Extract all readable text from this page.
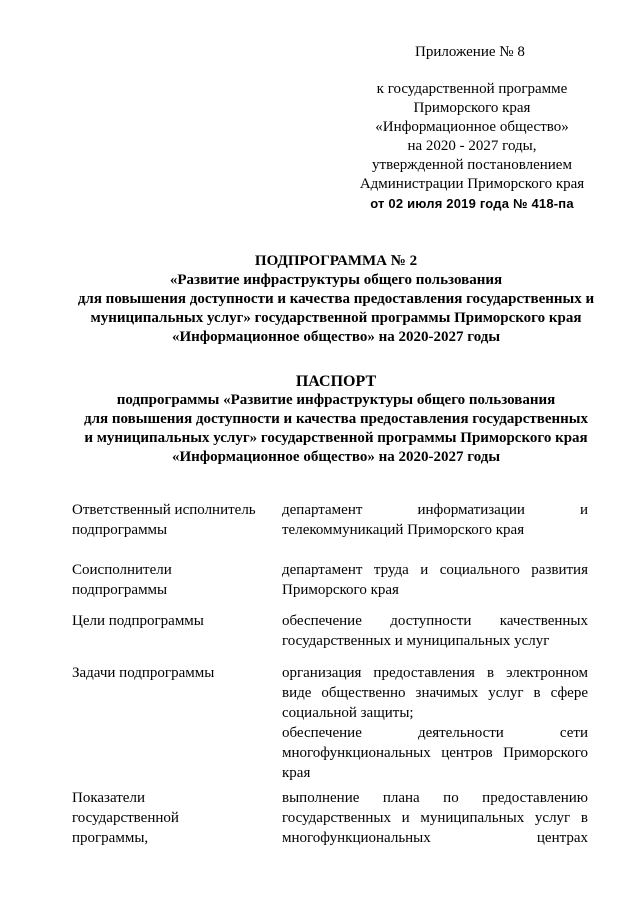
Приложение № 8
к государственной программе
Приморского края
«Информационное общество»
на 2020 - 2027 годы,
утвержденной постановлением
Администрации Приморского края
от 02 июля 2019 года № 418-па
ПОДПРОГРАММА № 2
«Развитие инфраструктуры общего пользования
для повышения доступности и качества предоставления государственных и
муниципальных услуг» государственной программы Приморского края
«Информационное общество» на 2020-2027 годы
ПАСПОРТ
подпрограммы «Развитие инфраструктуры общего пользования
для повышения доступности и качества предоставления государственных
и муниципальных услуг» государственной программы Приморского края
«Информационное общество» на 2020-2027 годы
Ответственный исполнитель
подпрограммы
департамент информатизации и
телекоммуникаций Приморского края
Соисполнители
подпрограммы
департамент труда и социального развития
Приморского края
Цели подпрограммы	обеспечение доступности качественных
государственных и муниципальных услуг
Задачи подпрограммы	организация предоставления в электронном
виде общественно значимых услуг в сфере
социальной защиты;
обеспечение деятельности сети
многофункциональных центров Приморского
края
Показатели
государственной
программы,
выполнение плана по предоставлению
государственных и муниципальных услуг в
многофункциональных центрах
